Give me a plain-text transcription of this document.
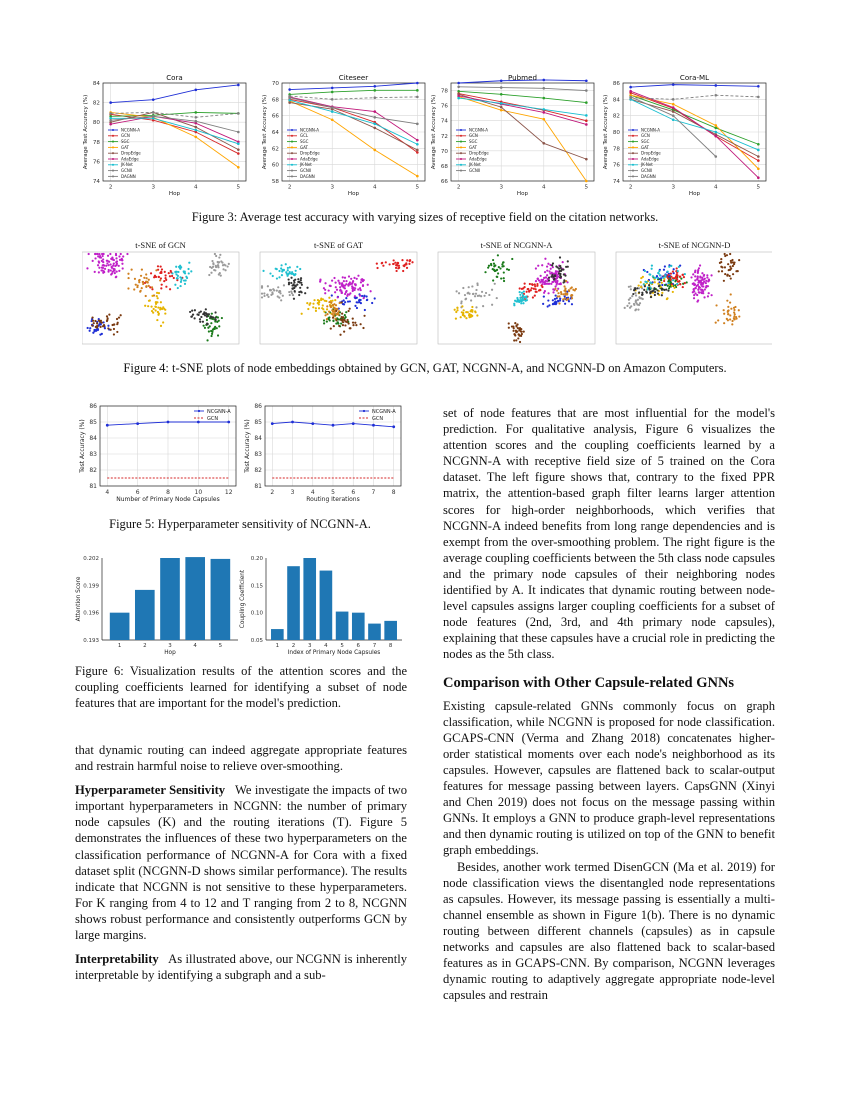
74
76
78
80
82
84
2	3	4	5
Cora
Hop
Average Test Accuracy (%)	NCGNN-A
GCN
SGC
GAT
DropEdge
AdaEdge
JK-Net
GCNII
DAGNN
58
60
62
64
66
68
70
2	3	4	5
Citeseer
Hop
Average Test Accuracy (%)	NCGNN-A
GCL
SGC
GAT
DropEdge
AdaEdge
JK-Net
GCNII
DAGNN
66
68
70
72
74
76
78
2	3	4	5
Pubmed
Hop
Average Test Accuracy (%)	NCGNN-A
GCN
SGC
GAT
DropEdge
AdaEdge
JK-Net
GCNII
74
76
78
80
82
84
86
2	3	4	5
Cora-ML
Hop
Average Test Accuracy (%)	NCGNN-A
GCN
SGC
GAT
DropEdge
AdaEdge
JK-Net
GCNII
DAGNN
Figure 3: Average test accuracy with varying sizes of receptive field on the citation networks.
t-SNE of GCN	t-SNE of GAT	t-SNE of NCGNN-A	t-SNE of NCGNN-D
Figure 4: t-SNE plots of node embeddings obtained by GCN, GAT, NCGNN-A, and NCGNN-D on Amazon Computers.
81
82
83
84
85
86
4	6	8	10	12
Number of Primary Node Capsules
Test Accuracy (%)
NCGNN-A
GCN
81
82
83
84
85
86
2	3	4	5	6	7	8
Routing Iterations
Test Accuracy (%)
NCGNN-A
GCN
Figure 5: Hyperparameter sensitivity of NCGNN-A.
0.193
0.196
0.199
0.202
1	2	3	4	5
Hop
Attention Score
0.05
0.10
0.15
0.20
1 2 3 4 5 6 7 8
Index of Primary Node Capsules
Coupling Coefficient
Figure 6: Visualization results of the attention scores and the coupling coefficients learned for identifying a subset of node features that are important for the model's prediction.

that dynamic routing can indeed aggregate appropriate features and restrain harmful noise to relieve over-smoothing.

Hyperparameter Sensitivity We investigate the impacts of two important hyperparameters in NCGNN: the number of primary node capsules (K) and the routing iterations (T). Figure 5 demonstrates the influences of these two hyperparameters on the classification performance of NCGNN-A for Cora with a fixed dataset split (NCGNN-D shows similar performance). The results indicate that NCGNN is not sensitive to these hyperparameters. For K ranging from 4 to 12 and T ranging from 2 to 8, NCGNN shows robust performance and consistently outperforms GCN by large margins.

Interpretability As illustrated above, our NCGNN is inherently interpretable by identifying a subgraph and a sub-

set of node features that are most influential for the model's prediction. For qualitative analysis, Figure 6 visualizes the attention scores and the coupling coefficients learned by a NCGNN-A with receptive field size of 5 trained on the Cora dataset. The left figure shows that, contrary to the fixed PPR matrix, the attention-based graph filter learns larger attention scores for high-order neighborhoods, which verifies that NCGNN-A indeed benefits from long range dependencies and is exempt from the over-smoothing problem. The right figure is the average coupling coefficients between the 5th class node capsules and the primary node capsules of their neighboring nodes identified by A. It indicates that dynamic routing between node-level capsules assigns larger coupling coefficients for a subset of node features (2nd, 3rd, and 4th primary node capsules), explaining that these capsules have a crucial role in predicting the nodes as the 5th class.

Comparison with Other Capsule-related GNNs

Existing capsule-related GNNs commonly focus on graph classification, while NCGNN is proposed for node classification. GCAPS-CNN (Verma and Zhang 2018) concatenates higher-order statistical moments over each node's neighborhood as its capsules. However, capsules are flattened back to scalar-output features for message passing between layers. CapsGNN (Xinyi and Chen 2019) does not focus on the message passing within GNNs. It employs a GNN to produce graph-level representations and then dynamic routing is utilized on top of the GNN to benefit graph embeddings.

Besides, another work termed DisenGCN (Ma et al. 2019) for node classification views the disentangled node representations as capsules. However, its message passing is essentially a multi-channel ensemble as shown in Figure 1(b). There is no dynamic routing between different channels (capsules) as in capsule networks and capsules are also flattened back to scalar-based features as in GCAPS-CNN. By comparison, NCGNN leverages dynamic routing to adaptively aggregate appropriate node-level capsules and restrain
